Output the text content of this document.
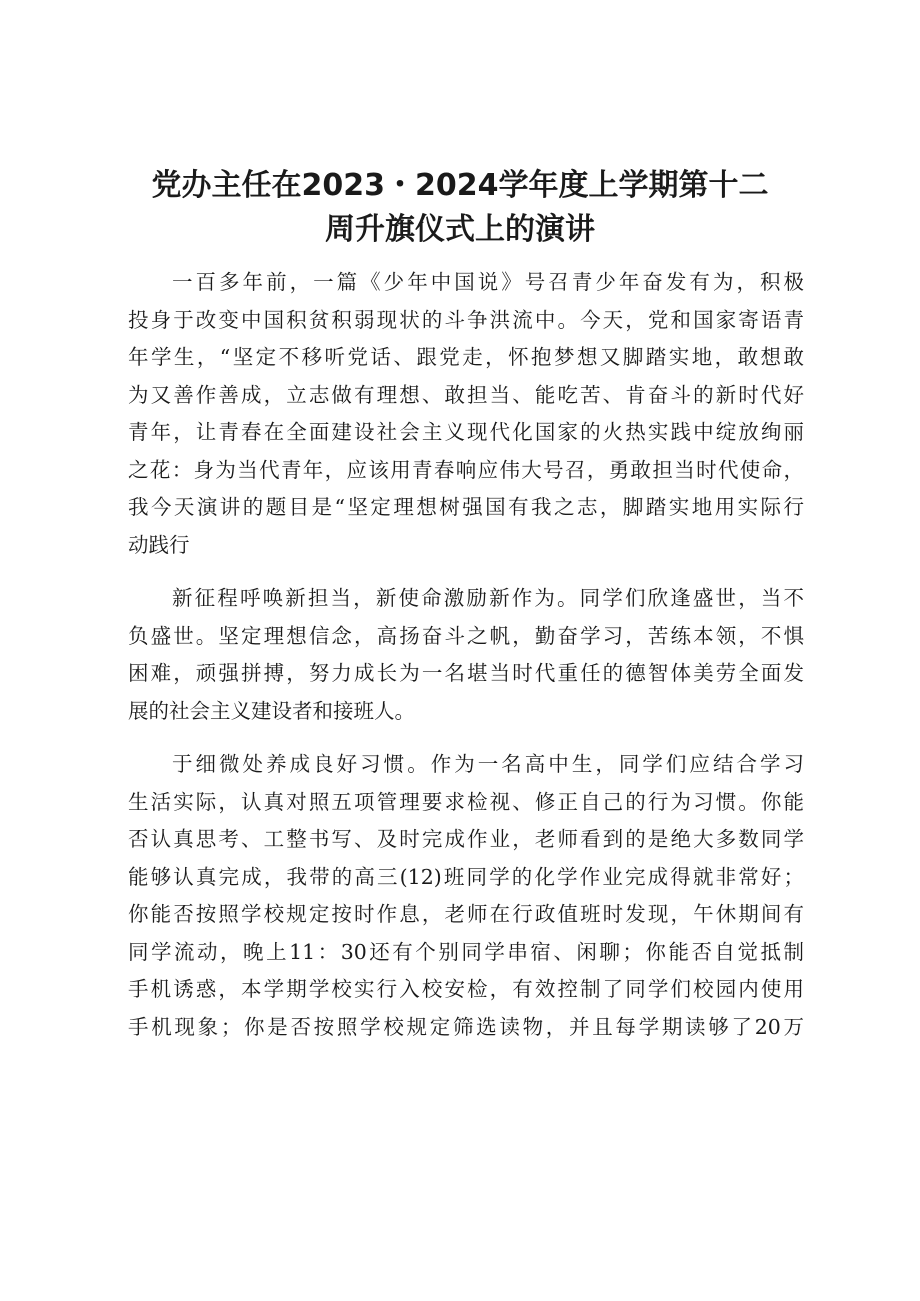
党办主任在2023・2024学年度上学期第十二
周升旗仪式上的演讲
一百多年前，一篇《少年中国说》号召青少年奋发有为，积极
投身于改变中国积贫积弱现状的斗争洪流中。今天，党和国家寄语青
年学生，“坚定不移听党话、跟党走，怀抱梦想又脚踏实地，敢想敢
为又善作善成，立志做有理想、敢担当、能吃苦、肯奋斗的新时代好
青年，让青春在全面建设社会主义现代化国家的火热实践中绽放绚丽
之花：身为当代青年，应该用青春响应伟大号召，勇敢担当时代使命，
我今天演讲的题目是“坚定理想树强国有我之志，脚踏实地用实际行
动践行
新征程呼唤新担当，新使命激励新作为。同学们欣逢盛世，当不
负盛世。坚定理想信念，高扬奋斗之帆，勤奋学习，苦练本领，不惧
困难，顽强拼搏，努力成长为一名堪当时代重任的德智体美劳全面发
展的社会主义建设者和接班人。
于细微处养成良好习惯。作为一名高中生，同学们应结合学习
生活实际，认真对照五项管理要求检视、修正自己的行为习惯。你能
否认真思考、工整书写、及时完成作业，老师看到的是绝大多数同学
能够认真完成，我带的高三(12)班同学的化学作业完成得就非常好；
你能否按照学校规定按时作息，老师在行政值班时发现，午休期间有
同学流动，晚上11：30还有个别同学串宿、闲聊；你能否自觉抵制
手机诱惑，本学期学校实行入校安检，有效控制了同学们校园内使用
手机现象；你是否按照学校规定筛选读物，并且每学期读够了20万
